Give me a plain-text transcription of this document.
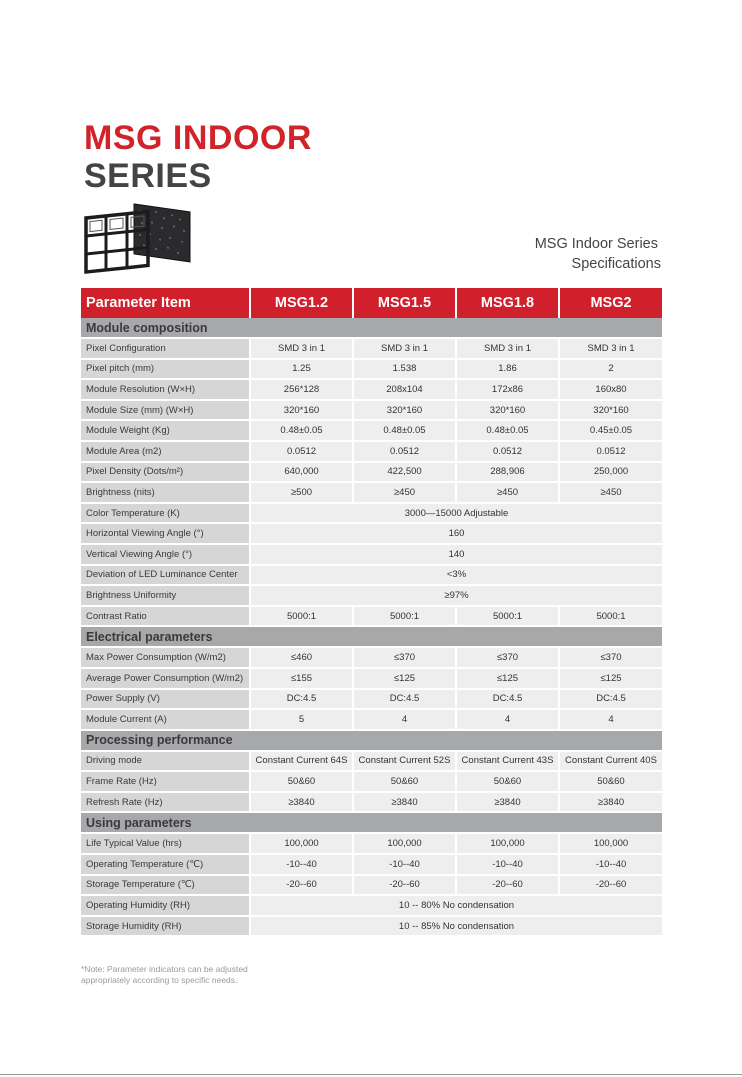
MSG INDOOR
SERIES
MSG Indoor Series
Specifications
Parameter Item	MSG1.2	MSG1.5	MSG1.8	MSG2
Module composition				
Pixel Configuration	SMD 3 in 1	SMD 3 in 1	SMD 3 in 1	SMD 3 in 1
Pixel pitch (mm)	1.25	1.538	1.86	2
Module Resolution (W×H)	256*128	208x104	172x86	160x80
Module Size (mm) (W×H)	320*160	320*160	320*160	320*160
Module Weight (Kg)	0.48±0.05	0.48±0.05	0.48±0.05	0.45±0.05
Module Area (m2)	0.0512	0.0512	0.0512	0.0512
Pixel Density (Dots/m²)	640,000	422,500	288,906	250,000
Brightness (nits)	≥500	≥450	≥450	≥450
Color Temperature (K)	3000—15000 Adjustable			
Horizontal Viewing Angle (°)	160			
Vertical Viewing Angle (°)	140			
Deviation of LED Luminance Center	<3%			
Brightness Uniformity	≥97%			
Contrast Ratio	5000:1	5000:1	5000:1	5000:1
Electrical parameters				
Max Power Consumption (W/m2)	≤460	≤370	≤370	≤370
Average Power Consumption (W/m2)	≤155	≤125	≤125	≤125
Power Supply (V)	DC:4.5	DC:4.5	DC:4.5	DC:4.5
Module Current (A)	5	4	4	4
Processing performance				
Driving mode	Constant Current 64S	Constant Current 52S	Constant Current 43S	Constant Current 40S
Frame Rate (Hz)	50&60	50&60	50&60	50&60
Refresh Rate (Hz)	≥3840	≥3840	≥3840	≥3840
Using parameters				
Life Typical Value (hrs)	100,000	100,000	100,000	100,000
Operating Temperature (℃)	-10--40	-10--40	-10--40	-10--40
Storage Temperature (℃)	-20--60	-20--60	-20--60	-20--60
Operating Humidity (RH)	10 -- 80% No condensation			
Storage Humidity (RH)	10 -- 85% No condensation			
*Note: Parameter indicators can be adjusted
appropriately according to specific needs.
